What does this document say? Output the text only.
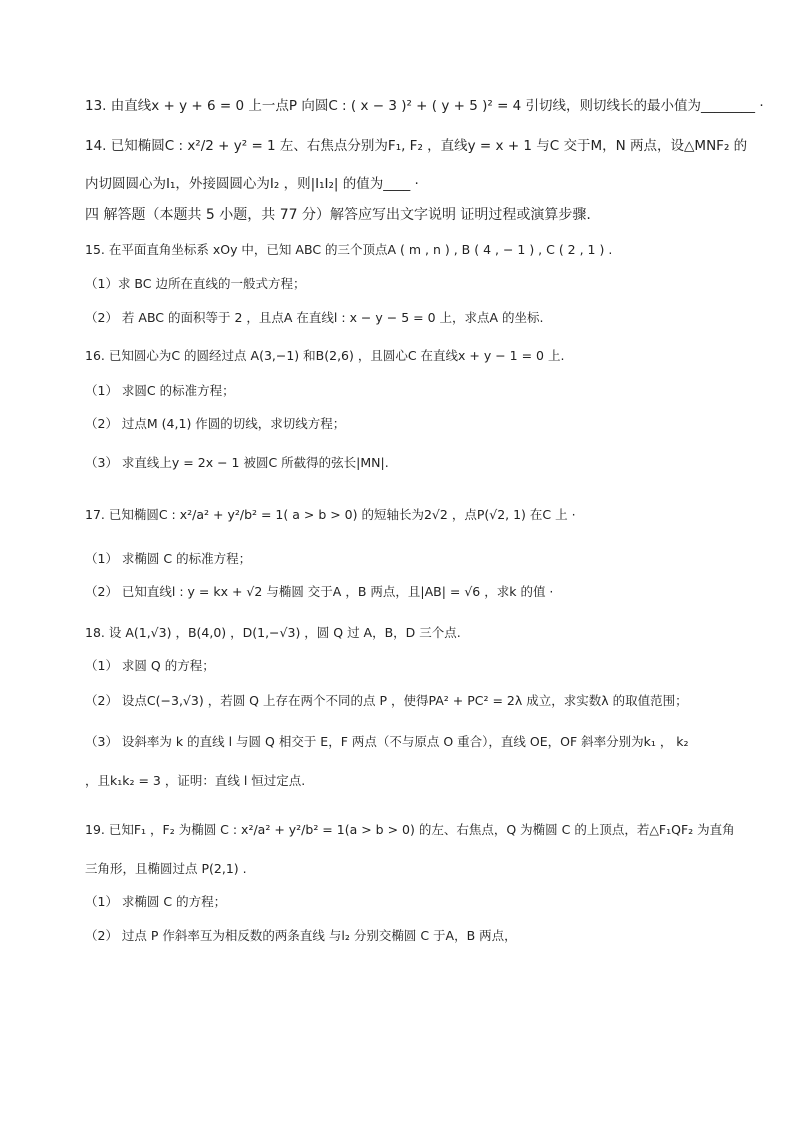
13. 由直线x + y + 6 = 0 上一点P 向圆C : ( x − 3 )² + ( y + 5 )² = 4 引切线，则切线长的最小值为________ ·
14. 已知椭圆C : x²/2 + y² = 1 左、右焦点分别为F₁, F₂ ，直线y = x + 1 与C 交于M，N 两点，设△MNF₂ 的
内切圆圆心为I₁，外接圆圆心为I₂ ，则|I₁I₂| 的值为____ ·
四 解答题（本题共 5 小题，共 77 分）解答应写出文字说明 证明过程或演算步骤.
15. 在平面直角坐标系 xOy 中，已知 ABC 的三个顶点A ( m , n ) , B ( 4 , − 1 ) , C ( 2 , 1 ) .
（1）求 BC 边所在直线的一般式方程；
（2） 若 ABC 的面积等于 2 ，且点A 在直线l : x − y − 5 = 0 上，求点A 的坐标.
16. 已知圆心为C 的圆经过点 A(3,−1) 和B(2,6) ，且圆心C 在直线x + y − 1 = 0 上.
（1） 求圆C 的标准方程；
（2） 过点M (4,1) 作圆的切线，求切线方程；
（3） 求直线上y = 2x − 1 被圆C 所截得的弦长|MN|.
17. 已知椭圆C : x²/a² + y²/b² = 1( a > b > 0) 的短轴长为2√2 ，点P(√2, 1) 在C 上 ·
（1） 求椭圆 C 的标准方程；
（2） 已知直线l : y = kx + √2 与椭圆 交于A ，B 两点，且|AB| = √6 ，求k 的值 ·
18. 设 A(1,√3) ，B(4,0) ，D(1,−√3) ，圆 Q 过 A，B，D 三个点.
（1） 求圆 Q 的方程；
（2） 设点C(−3,√3) ，若圆 Q 上存在两个不同的点 P ，使得PA² + PC² = 2λ 成立，求实数λ 的取值范围；
（3） 设斜率为 k 的直线 l 与圆 Q 相交于 E，F 两点（不与原点 O 重合），直线 OE，OF 斜率分别为k₁ ， k₂
，且k₁k₂ = 3 ，证明：直线 l 恒过定点.
19. 已知F₁ ，F₂ 为椭圆 C : x²/a² + y²/b² = 1(a > b > 0) 的左、右焦点，Q 为椭圆 C 的上顶点，若△F₁QF₂ 为直角
三角形，且椭圆过点 P(2,1) .
（1） 求椭圆 C 的方程；
（2） 过点 P 作斜率互为相反数的两条直线 与l₂ 分别交椭圆 C 于A，B 两点，
